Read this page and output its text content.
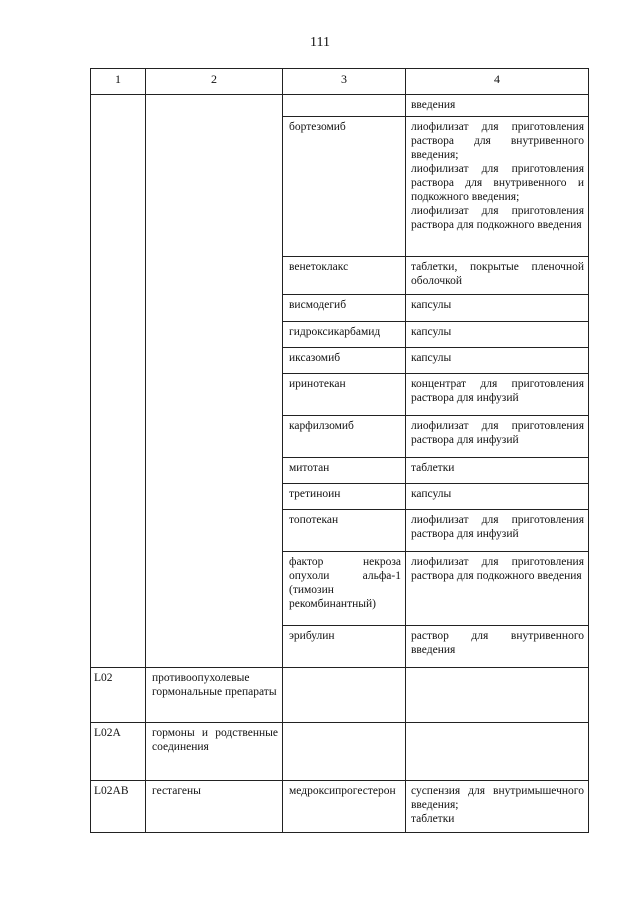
111
1	2	3	4

			введения

		бортезомиб	лиофилизат для приготовления раствора для внутривенного введения;
лиофилизат для приготовления раствора для внутривенного и подкожного введения;
лиофилизат для приготовления раствора для подкожного введения

		венетоклакс	таблетки, покрытые пленочной оболочкой

		висмодегиб	капсулы

		гидроксикарбамид	капсулы

		иксазомиб	капсулы

		иринотекан	концентрат для приготовления раствора для инфузий

		карфилзомиб	лиофилизат для приготовления раствора для инфузий

		митотан	таблетки

		третиноин	капсулы

		топотекан	лиофилизат для приготовления раствора для инфузий

		фактор некроза опухоли альфа-1 (тимозин рекомбинантный)	лиофилизат для приготовления раствора для подкожного введения

		эрибулин	раствор для внутривенного введения

L02	противоопухолевые гормональные препараты		

L02A	гормоны и родственные соединения		

L02AB	гестагены	медроксипрогестерон	суспензия для внутримышечного введения;
таблетки
